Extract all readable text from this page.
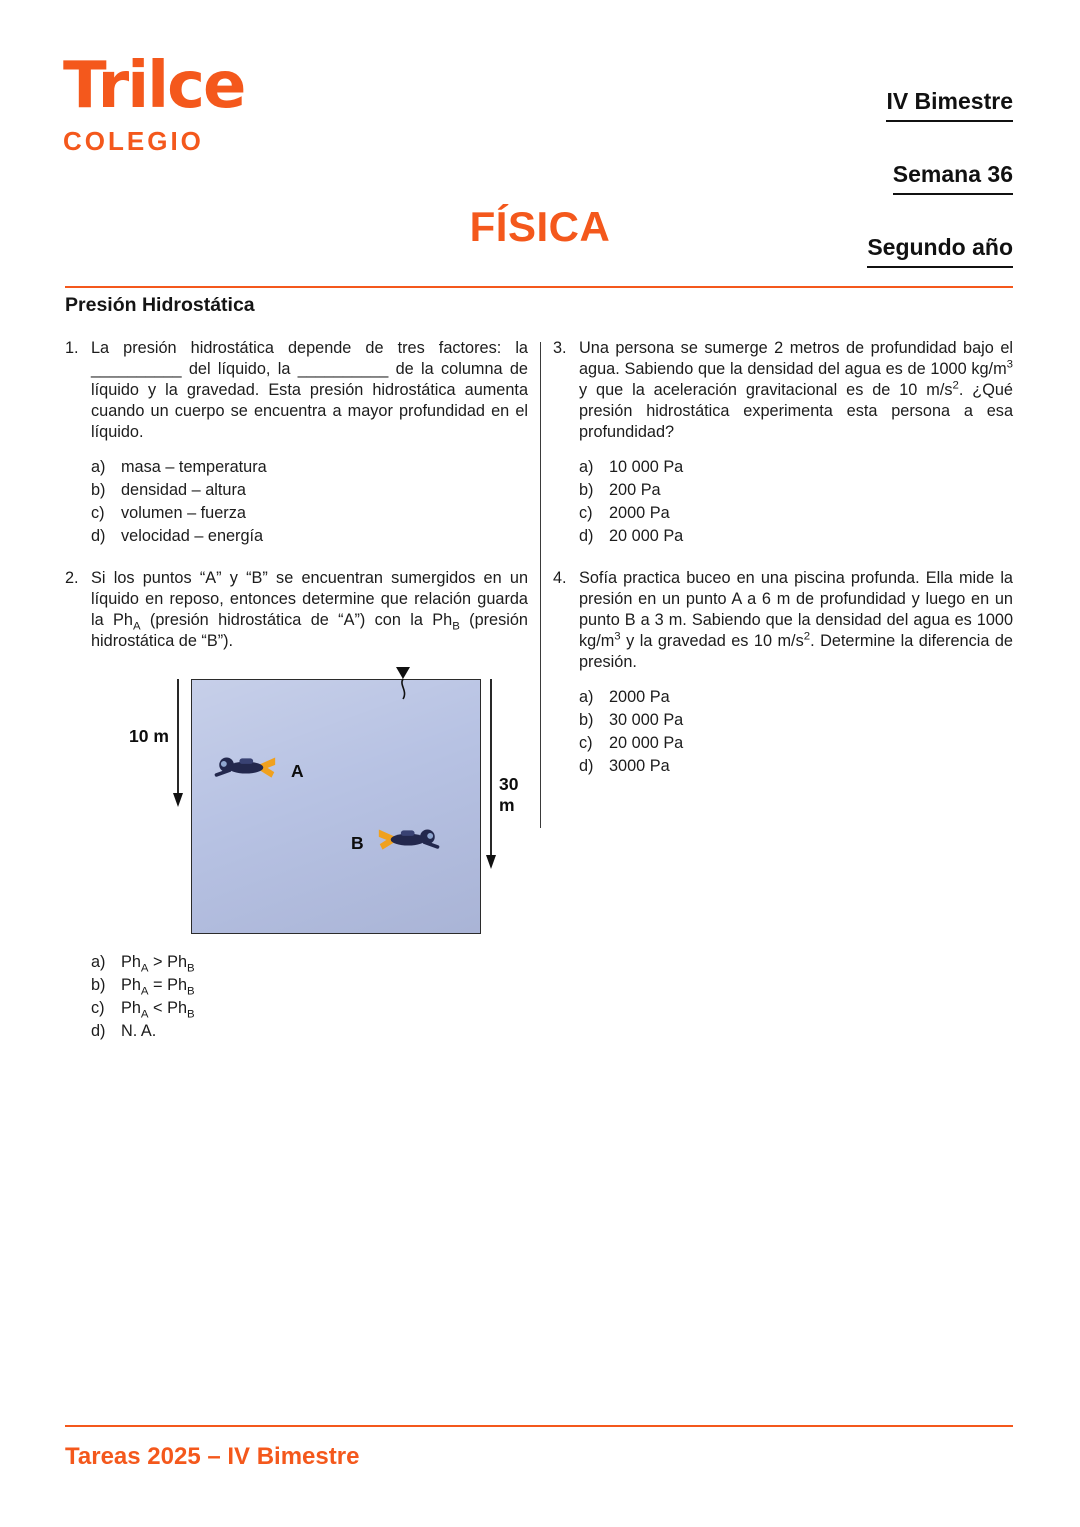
Trilce
COLEGIO
IV Bimestre
Semana 36
Segundo año
FÍSICA
Presión Hidrostática
1. La presión hidrostática depende de tres factores: la __________ del líquido, la __________ de la columna de líquido y la gravedad. Esta presión hidrostática aumenta cuando un cuerpo se encuentra a mayor profundidad en el líquido.

a) masa – temperatura
b) densidad – altura
c)	volumen – fuerza
d) velocidad – energía
2. Si los puntos “A” y “B” se encuentran sumergidos en un líquido en reposo, entonces determine que relación guarda la $Ph_A$ (presión hidrostática de “A”) con la $Ph_B$ (presión hidrostática de “B”).

10 m
30 m
A
B
a) $Ph_A > Ph_B$
b) $Ph_A = Ph_B$
c)	$Ph_A < Ph_B$
d) N. A.
3. Una persona se sumerge 2 metros de profundidad bajo el agua. Sabiendo que la densidad del agua es de 1000 $kg/m^3$ y que la aceleración gravitacional es de 10 $m/s^2$. ¿Qué presión hidrostática experimenta esta persona a esa profundidad?

a) 10 000 Pa
b) 200 Pa
c)	2000 Pa
d) 20 000 Pa
4. Sofía practica buceo en una piscina profunda. Ella mide la presión en un punto A a 6 m de profundidad y luego en un punto B a 3 m. Sabiendo que la densidad del agua es 1000 $kg/m^3$ y la gravedad es 10 $m/s^2$. Determine la diferencia de presión.

a) 2000 Pa
b) 30 000 Pa
c)	20 000 Pa
d) 3000 Pa
Tareas 2025 – IV Bimestre
